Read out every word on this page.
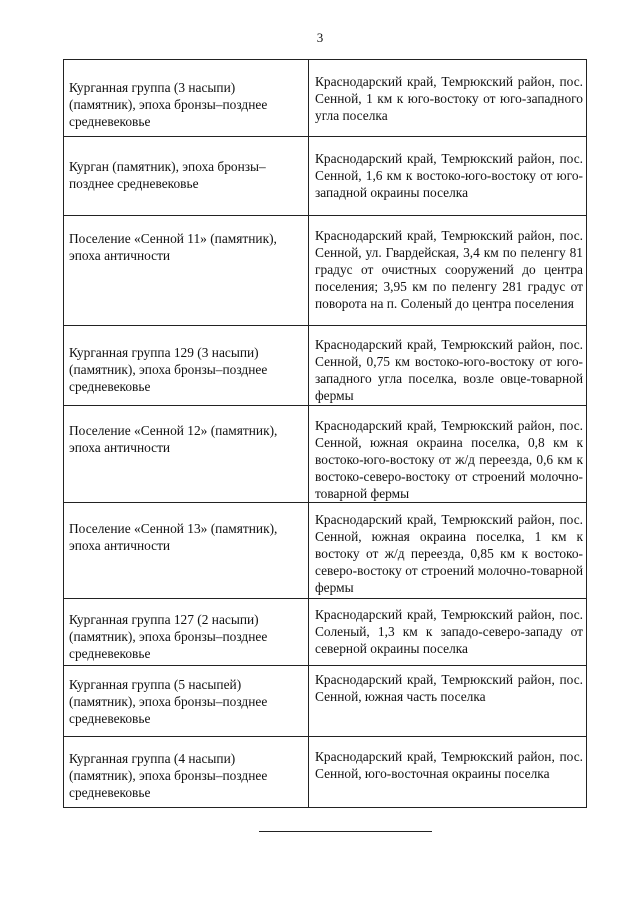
3
Курганная группа (3 насыпи) (памятник), эпоха бронзы–позднее средневековье	Краснодарский край, Темрюкский район, пос. Сенной, 1 км к юго-востоку от юго-западного угла поселка

Курган (памятник), эпоха бронзы–позднее средневековье	Краснодарский край, Темрюкский район, пос. Сенной, 1,6 км к востоко-юго-востоку от юго-западной окраины поселка

Поселение «Сенной 11» (памятник), эпоха античности	Краснодарский край, Темрюкский район, пос. Сенной, ул. Гвардейская, 3,4 км по пеленгу 81 градус от очистных сооружений до центра поселения; 3,95 км по пеленгу 281 градус от поворота на п. Соленый до центра поселения

Курганная группа 129 (3 насыпи) (памятник), эпоха бронзы–позднее средневековье	Краснодарский край, Темрюкский район, пос. Сенной, 0,75 км востоко-юго-востоку от юго-западного угла поселка, возле овце-товарной фермы

Поселение «Сенной 12» (памятник), эпоха античности	Краснодарский край, Темрюкский район, пос. Сенной, южная окраина поселка, 0,8 км к востоко-юго-востоку от ж/д переезда, 0,6 км к востоко-северо-востоку от строений молочно-товарной фермы

Поселение «Сенной 13» (памятник), эпоха античности	Краснодарский край, Темрюкский район, пос. Сенной, южная окраина поселка, 1 км к востоку от ж/д переезда, 0,85 км к востоко-северо-востоку от строений молочно-товарной фермы

Курганная группа 127 (2 насыпи) (памятник), эпоха бронзы–позднее средневековье	Краснодарский край, Темрюкский район, пос. Соленый, 1,3 км к западо-северо-западу от северной окраины поселка

Курганная группа (5 насыпей) (памятник), эпоха бронзы–позднее средневековье	Краснодарский край, Темрюкский район, пос. Сенной, южная часть поселка

Курганная группа (4 насыпи) (памятник), эпоха бронзы–позднее средневековье	Краснодарский край, Темрюкский район, пос. Сенной, юго-восточная окраины поселка
